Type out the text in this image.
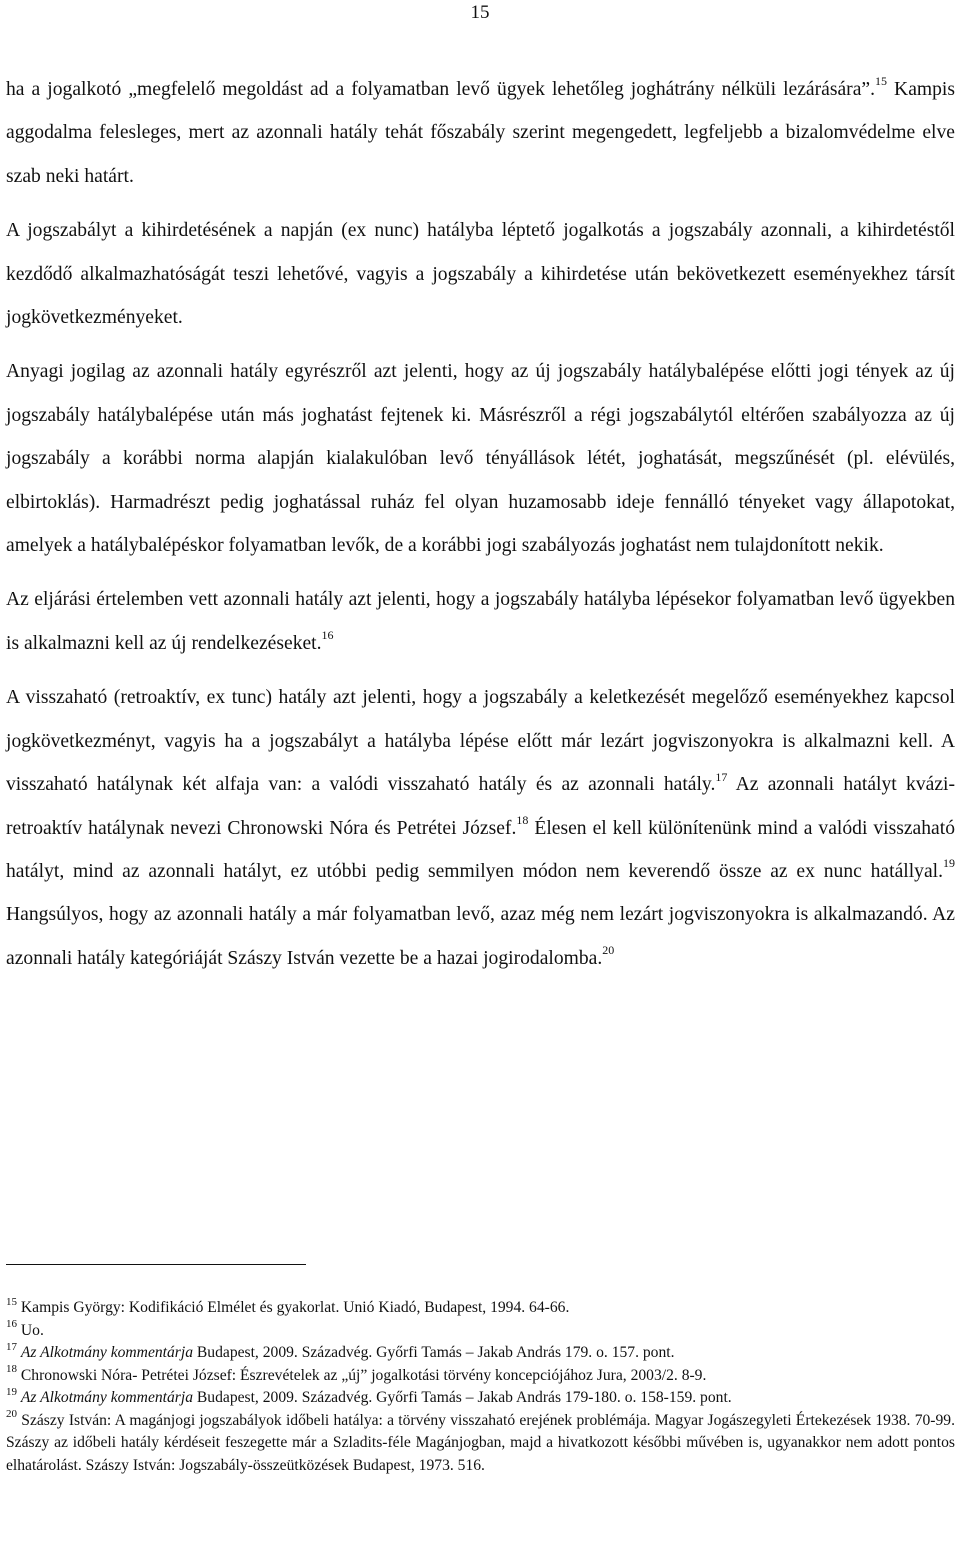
15

ha a jogalkotó „megfelelő megoldást ad a folyamatban levő ügyek lehetőleg joghátrány nélküli lezárására”.$^{15}$ Kampis aggodalma felesleges, mert az azonnali hatály tehát főszabály szerint megengedett, legfeljebb a bizalomvédelme elve szab neki határt.

A jogszabályt a kihirdetésének a napján (ex nunc) hatályba léptető jogalkotás a jogszabály azonnali, a kihirdetéstől kezdődő alkalmazhatóságát teszi lehetővé, vagyis a jogszabály a kihirdetése után bekövetkezett eseményekhez társít jogkövetkezményeket.

Anyagi jogilag az azonnali hatály egyrészről azt jelenti, hogy az új jogszabály hatálybalépése előtti jogi tények az új jogszabály hatálybalépése után más joghatást fejtenek ki. Másrészről a régi jogszabálytól eltérően szabályozza az új jogszabály a korábbi norma alapján kialakulóban levő tényállások létét, joghatását, megszűnését (pl. elévülés, elbirtoklás). Harmadrészt pedig joghatással ruház fel olyan huzamosabb ideje fennálló tényeket vagy állapotokat, amelyek a hatálybalépéskor folyamatban levők, de a korábbi jogi szabályozás joghatást nem tulajdonított nekik.

Az eljárási értelemben vett azonnali hatály azt jelenti, hogy a jogszabály hatályba lépésekor folyamatban levő ügyekben is alkalmazni kell az új rendelkezéseket.$^{16}$

A visszaható (retroaktív, ex tunc) hatály azt jelenti, hogy a jogszabály a keletkezését megelőző eseményekhez kapcsol jogkövetkezményt, vagyis ha a jogszabályt a hatályba lépése előtt már lezárt jogviszonyokra is alkalmazni kell. A visszaható hatálynak két alfaja van: a valódi visszaható hatály és az azonnali hatály.$^{17}$ Az azonnali hatályt kvázi-retroaktív hatálynak nevezi Chronowski Nóra és Petrétei József.$^{18}$ Élesen el kell különítenünk mind a valódi visszaható hatályt, mind az azonnali hatályt, ez utóbbi pedig semmilyen módon nem keverendő össze az ex nunc hatállyal.$^{19}$ Hangsúlyos, hogy az azonnali hatály a már folyamatban levő, azaz még nem lezárt jogviszonyokra is alkalmazandó. Az azonnali hatály kategóriáját Szászy István vezette be a hazai jogirodalomba.$^{20}$

$^{15}$ Kampis György: Kodifikáció Elmélet és gyakorlat. Unió Kiadó, Budapest, 1994. 64-66.

$^{16}$ Uo.

$^{17}$ Az Alkotmány kommentárja Budapest, 2009. Századvég. Győrfi Tamás – Jakab András 179. o. 157. pont.

$^{18}$ Chronowski Nóra- Petrétei József: Észrevételek az „új” jogalkotási törvény koncepciójához Jura, 2003/2. 8-9.

$^{19}$ Az Alkotmány kommentárja Budapest, 2009. Századvég. Győrfi Tamás – Jakab András 179-180. o. 158-159. pont.

$^{20}$ Szászy István: A magánjogi jogszabályok időbeli hatálya: a törvény visszaható erejének problémája. Magyar Jogászegyleti Értekezések 1938. 70-99. Szászy az időbeli hatály kérdéseit feszegette már a Szladits-féle Magánjogban, majd a hivatkozott későbbi művében is, ugyanakkor nem adott pontos elhatárolást. Szászy István: Jogszabály-összeütközések Budapest, 1973. 516.
